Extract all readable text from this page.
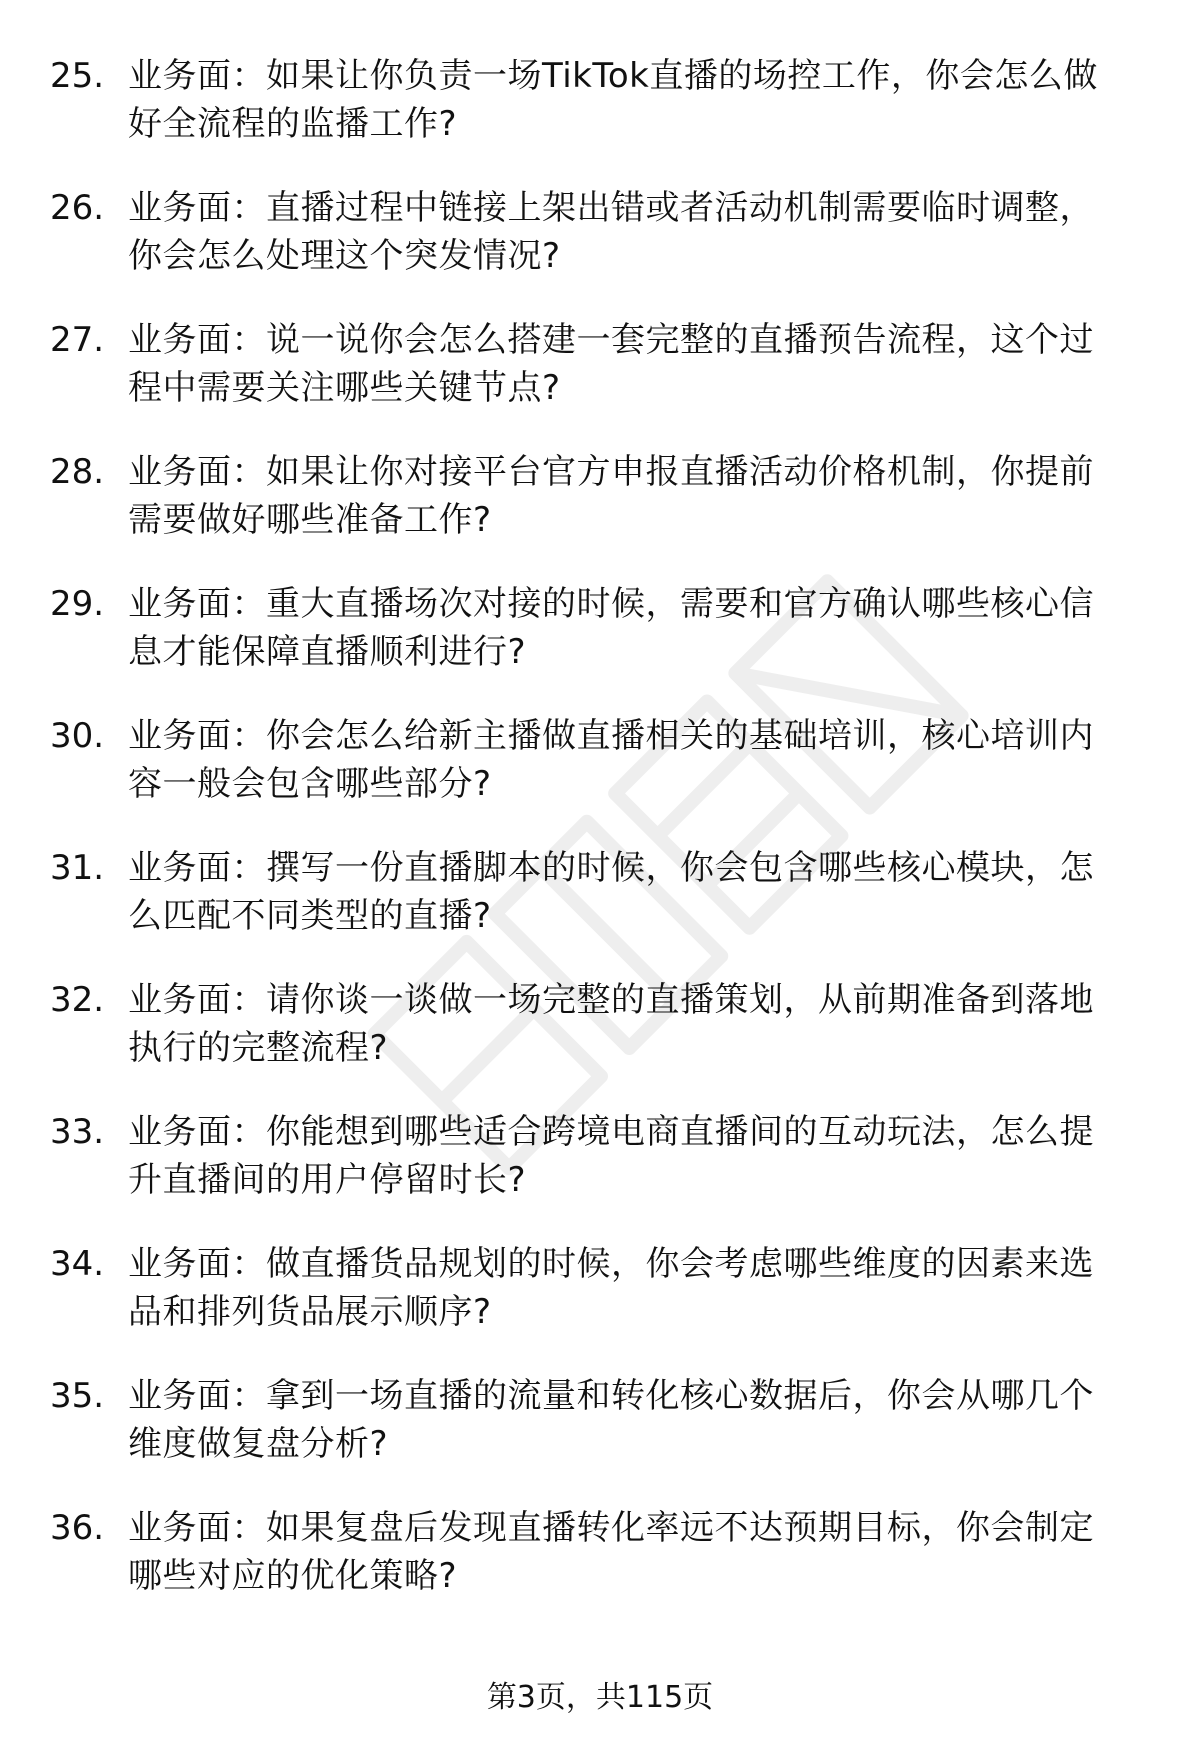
25. 业务面：如果让你负责一场TikTok直播的场控工作，你会怎么做
好全流程的监播工作?
26. 业务面：直播过程中链接上架出错或者活动机制需要临时调整，
你会怎么处理这个突发情况?
27. 业务面：说一说你会怎么搭建一套完整的直播预告流程，这个过
程中需要关注哪些关键节点?
28. 业务面：如果让你对接平台官方申报直播活动价格机制，你提前
需要做好哪些准备工作?
29. 业务面：重大直播场次对接的时候，需要和官方确认哪些核心信
息才能保障直播顺利进行?
30. 业务面：你会怎么给新主播做直播相关的基础培训，核心培训内
容一般会包含哪些部分?
31. 业务面：撰写一份直播脚本的时候，你会包含哪些核心模块，怎
么匹配不同类型的直播?
32. 业务面：请你谈一谈做一场完整的直播策划，从前期准备到落地
执行的完整流程?
33. 业务面：你能想到哪些适合跨境电商直播间的互动玩法，怎么提
升直播间的用户停留时长?
34. 业务面：做直播货品规划的时候，你会考虑哪些维度的因素来选
品和排列货品展示顺序?
35. 业务面：拿到一场直播的流量和转化核心数据后，你会从哪几个
维度做复盘分析?
36. 业务面：如果复盘后发现直播转化率远不达预期目标，你会制定
哪些对应的优化策略?
第3页，共115页
